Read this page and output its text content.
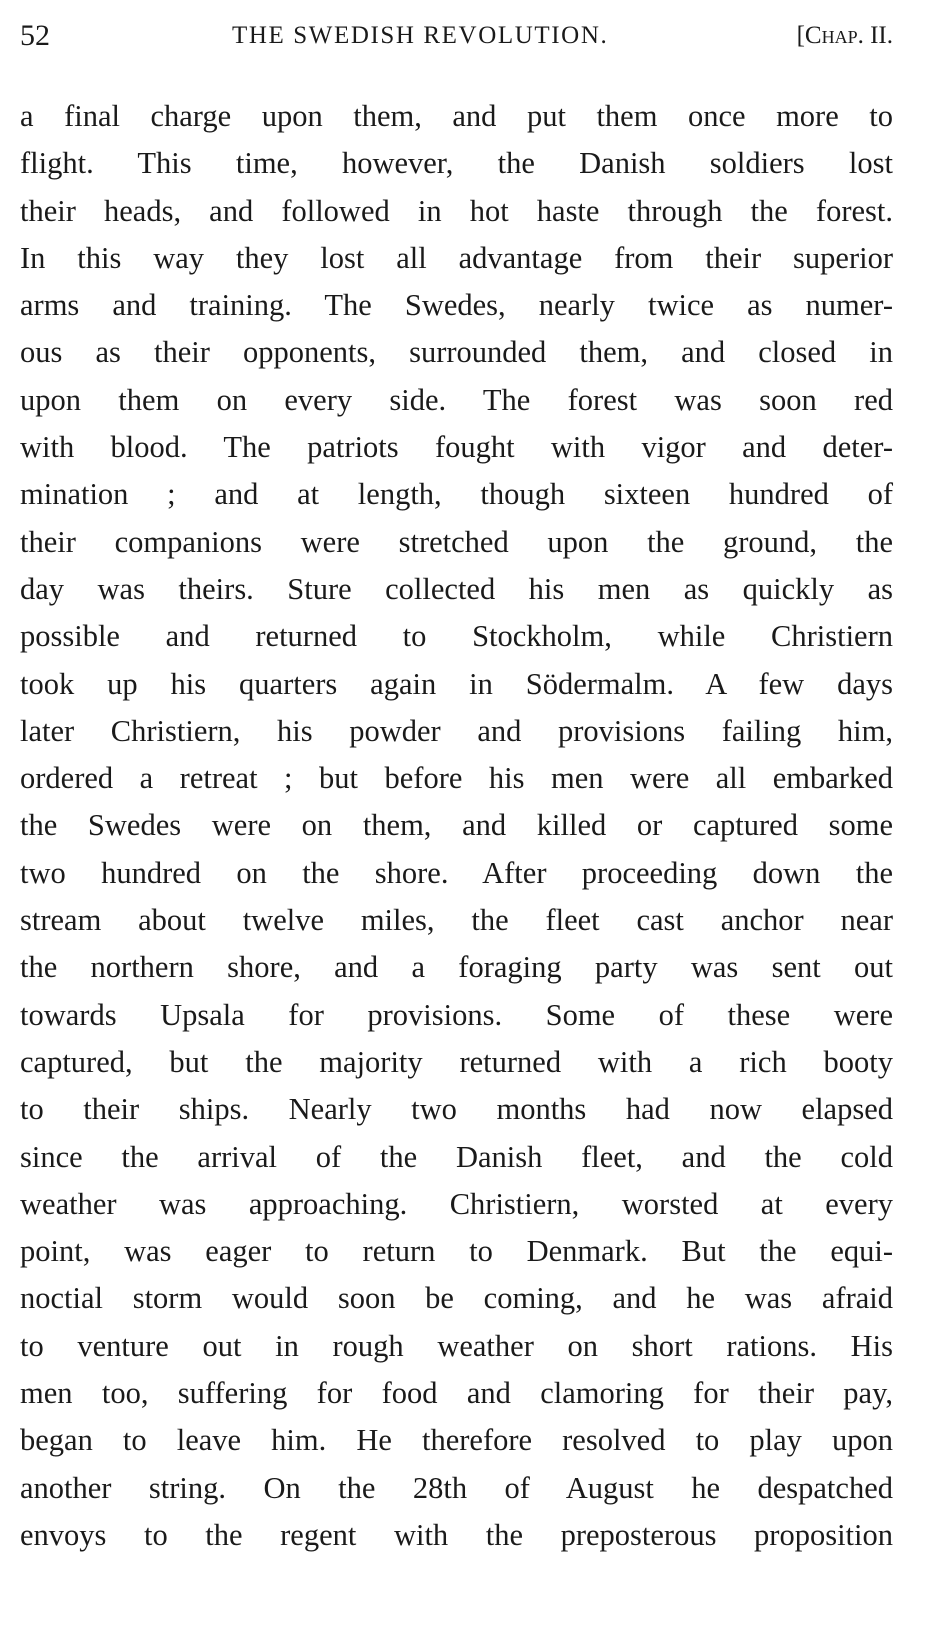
52	THE SWEDISH REVOLUTION.	[Chap. II.
a final charge upon them, and put them once more to
flight. This time, however, the Danish soldiers lost
their heads, and followed in hot haste through the forest.
In this way they lost all advantage from their superior
arms and training. The Swedes, nearly twice as numer-
ous as their opponents, surrounded them, and closed in
upon them on every side. The forest was soon red
with blood. The patriots fought with vigor and deter-
mination ; and at length, though sixteen hundred of
their companions were stretched upon the ground, the
day was theirs. Sture collected his men as quickly as
possible and returned to Stockholm, while Christiern
took up his quarters again in Södermalm. A few days
later Christiern, his powder and provisions failing him,
ordered a retreat ; but before his men were all embarked
the Swedes were on them, and killed or captured some
two hundred on the shore. After proceeding down the
stream about twelve miles, the fleet cast anchor near
the northern shore, and a foraging party was sent out
towards Upsala for provisions. Some of these were
captured, but the majority returned with a rich booty
to their ships. Nearly two months had now elapsed
since the arrival of the Danish fleet, and the cold
weather was approaching. Christiern, worsted at every
point, was eager to return to Denmark. But the equi-
noctial storm would soon be coming, and he was afraid
to venture out in rough weather on short rations. His
men too, suffering for food and clamoring for their pay,
began to leave him. He therefore resolved to play upon
another string. On the 28th of August he despatched
envoys to the regent with the preposterous proposition
